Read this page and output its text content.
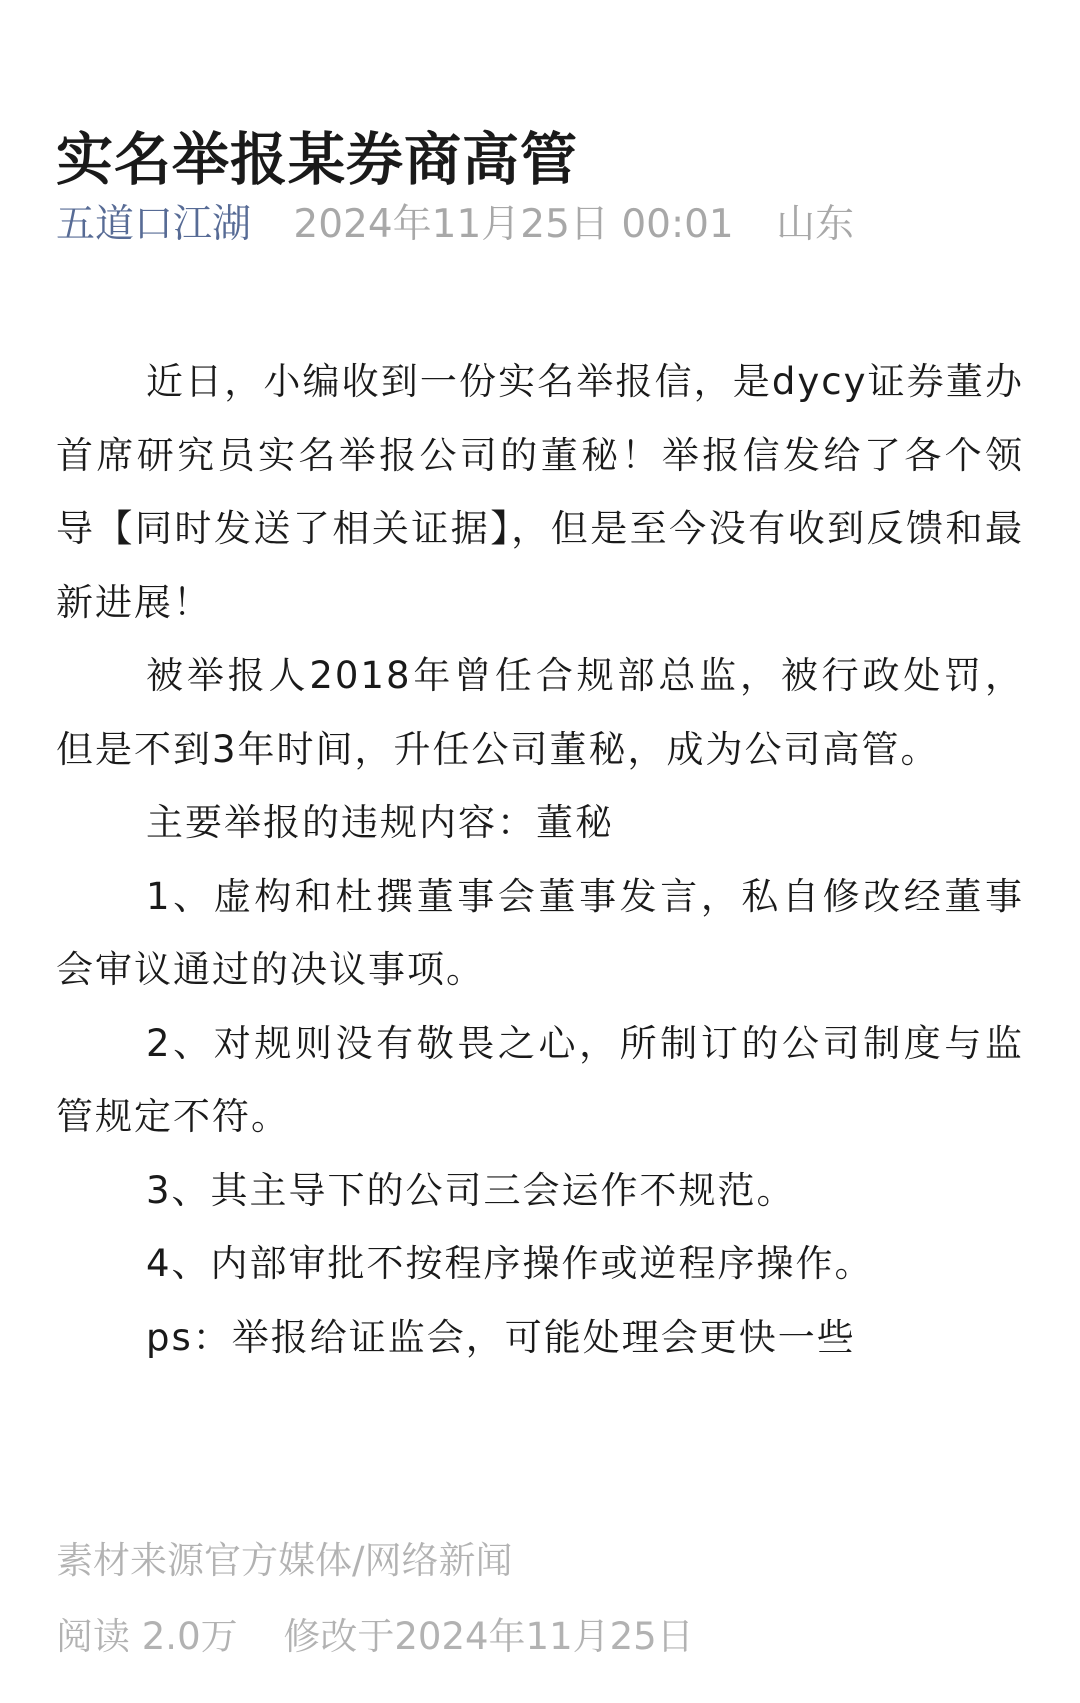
实名举报某券商高管
五道口江湖 2024年11月25日 00:01 山东

近日，小编收到一份实名举报信，是dycy证券董办首席研究员实名举报公司的董秘！举报信发给了各个领导【同时发送了相关证据】，但是至今没有收到反馈和最新进展！

被举报人2018年曾任合规部总监，被行政处罚，但是不到3年时间，升任公司董秘，成为公司高管。

主要举报的违规内容：董秘

1、虚构和杜撰董事会董事发言，私自修改经董事会审议通过的决议事项。

2、对规则没有敬畏之心，所制订的公司制度与监管规定不符。

3、其主导下的公司三会运作不规范。

4、内部审批不按程序操作或逆程序操作。

ps：举报给证监会，可能处理会更快一些

素材来源官方媒体/网络新闻
阅读 2.0万 修改于2024年11月25日
